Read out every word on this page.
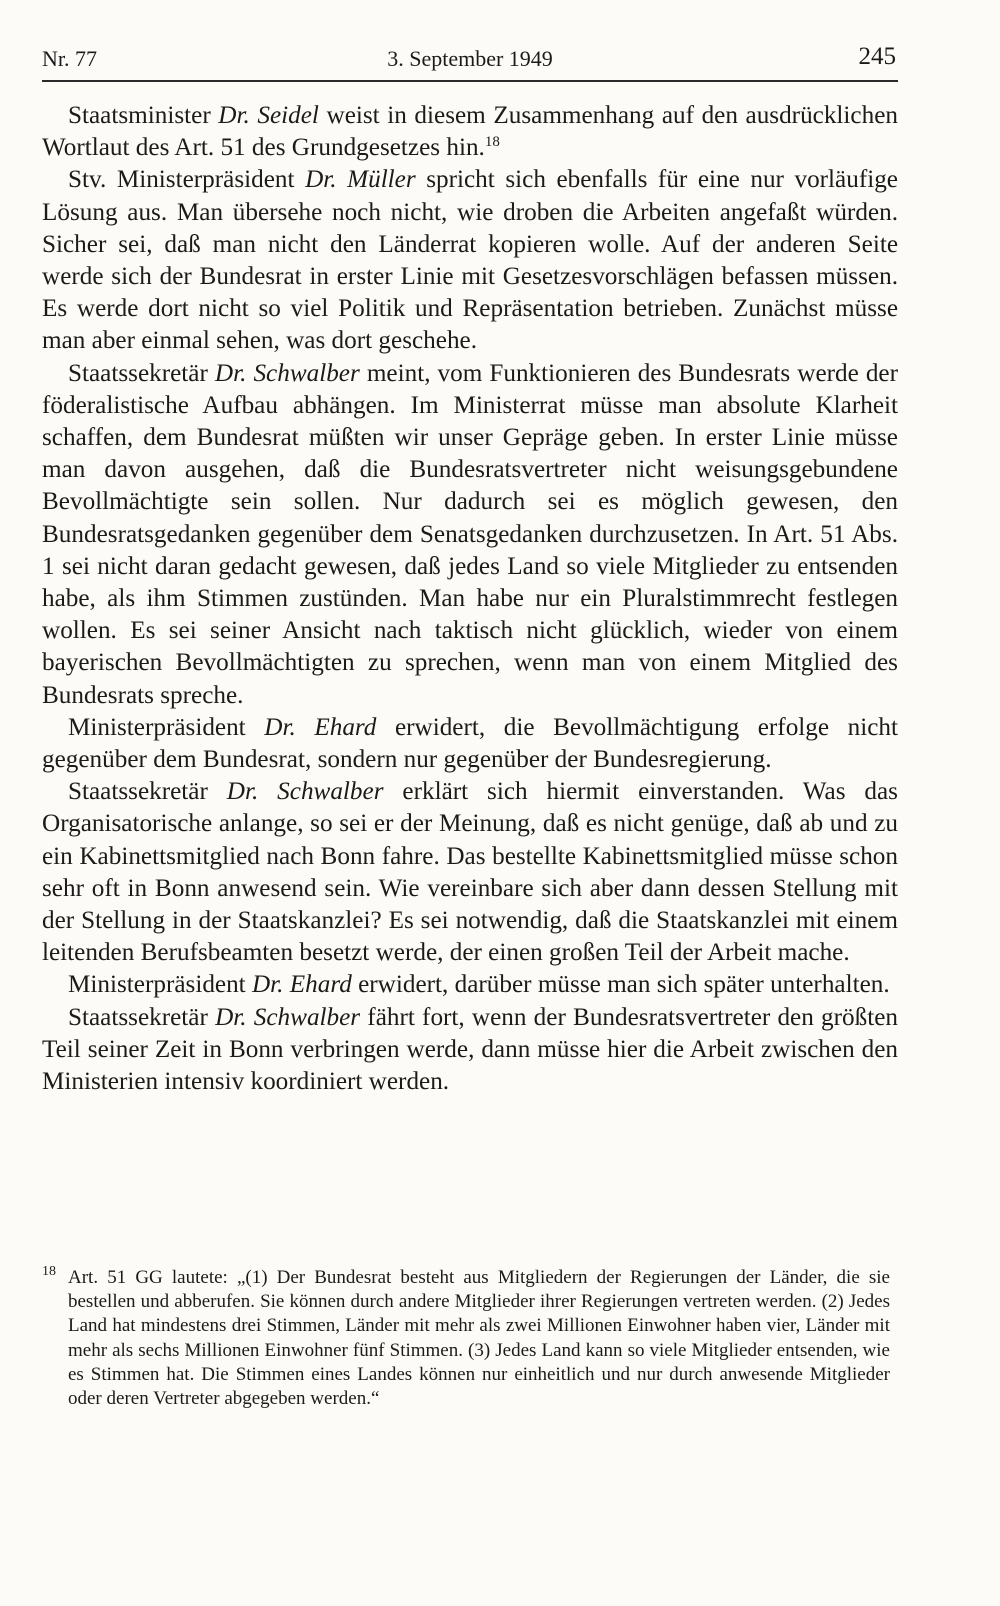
Nr. 77	3. September 1949	245

Staatsminister Dr. Seidel weist in diesem Zusammenhang auf den ausdrücklichen Wortlaut des Art. 51 des Grundgesetzes hin.$^{18}$

Stv. Ministerpräsident Dr. Müller spricht sich ebenfalls für eine nur vorläufige Lösung aus. Man übersehe noch nicht, wie droben die Arbeiten angefaßt würden. Sicher sei, daß man nicht den Länderrat kopieren wolle. Auf der anderen Seite werde sich der Bundesrat in erster Linie mit Gesetzesvorschlägen befassen müssen. Es werde dort nicht so viel Politik und Repräsentation betrieben. Zunächst müsse man aber einmal sehen, was dort geschehe.

Staatssekretär Dr. Schwalber meint, vom Funktionieren des Bundesrats werde der föderalistische Aufbau abhängen. Im Ministerrat müsse man absolute Klarheit schaffen, dem Bundesrat müßten wir unser Gepräge geben. In erster Linie müsse man davon ausgehen, daß die Bundesratsvertreter nicht weisungsgebundene Bevollmächtigte sein sollen. Nur dadurch sei es möglich gewesen, den Bundesratsgedanken gegenüber dem Senatsgedanken durchzusetzen. In Art. 51 Abs. 1 sei nicht daran gedacht gewesen, daß jedes Land so viele Mitglieder zu entsenden habe, als ihm Stimmen zustünden. Man habe nur ein Pluralstimmrecht festlegen wollen. Es sei seiner Ansicht nach taktisch nicht glücklich, wieder von einem bayerischen Bevollmächtigten zu sprechen, wenn man von einem Mitglied des Bundesrats spreche.

Ministerpräsident Dr. Ehard erwidert, die Bevollmächtigung erfolge nicht gegenüber dem Bundesrat, sondern nur gegenüber der Bundesregierung.

Staatssekretär Dr. Schwalber erklärt sich hiermit einverstanden. Was das Organisatorische anlange, so sei er der Meinung, daß es nicht genüge, daß ab und zu ein Kabinettsmitglied nach Bonn fahre. Das bestellte Kabinettsmitglied müsse schon sehr oft in Bonn anwesend sein. Wie vereinbare sich aber dann dessen Stellung mit der Stellung in der Staatskanzlei? Es sei notwendig, daß die Staatskanzlei mit einem leitenden Berufsbeamten besetzt werde, der einen großen Teil der Arbeit mache.

Ministerpräsident Dr. Ehard erwidert, darüber müsse man sich später unterhalten.

Staatssekretär Dr. Schwalber fährt fort, wenn der Bundesratsvertreter den größten Teil seiner Zeit in Bonn verbringen werde, dann müsse hier die Arbeit zwischen den Ministerien intensiv koordiniert werden.

18 Art. 51 GG lautete: „(1) Der Bundesrat besteht aus Mitgliedern der Regierungen der Länder, die sie bestellen und abberufen. Sie können durch andere Mitglieder ihrer Regierungen vertreten werden. (2) Jedes Land hat mindestens drei Stimmen, Länder mit mehr als zwei Millionen Einwohner haben vier, Länder mit mehr als sechs Millionen Einwohner fünf Stimmen. (3) Jedes Land kann so viele Mitglieder entsenden, wie es Stimmen hat. Die Stimmen eines Landes können nur einheitlich und nur durch anwesende Mitglieder oder deren Vertreter abgegeben werden.“
